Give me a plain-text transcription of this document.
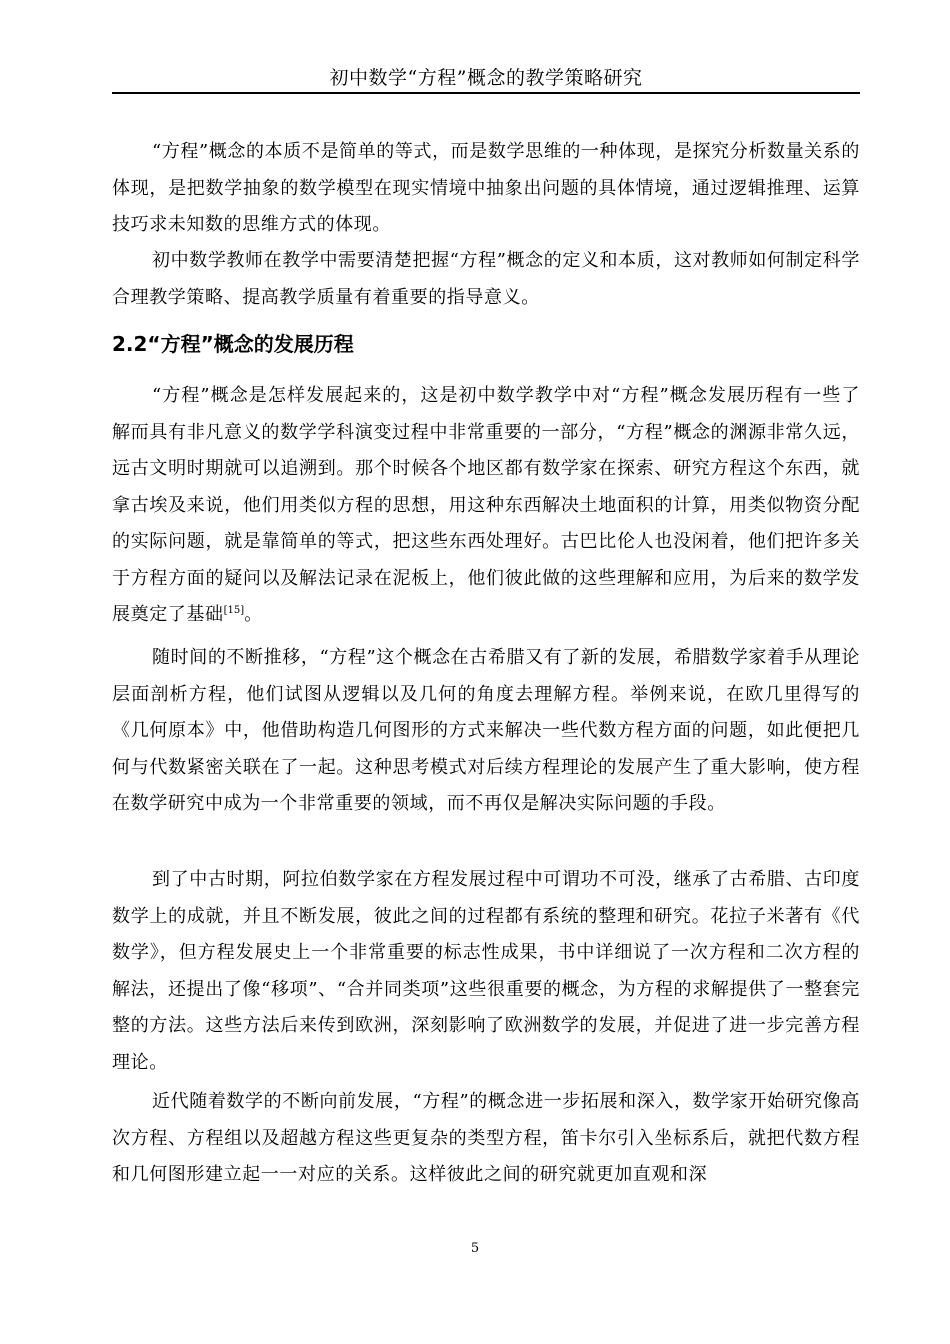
初中数学“方程”概念的教学策略研究

“方程”概念的本质不是简单的等式，而是数学思维的一种体现，是探究分析数量关系的体现，是把数学抽象的数学模型在现实情境中抽象出问题的具体情境，通过逻辑推理、运算技巧求未知数的思维方式的体现。

初中数学教师在教学中需要清楚把握“方程”概念的定义和本质，这对教师如何制定科学合理教学策略、提高教学质量有着重要的指导意义。

2.2“方程”概念的发展历程

“方程”概念是怎样发展起来的，这是初中数学教学中对“方程”概念发展历程有一些了解而具有非凡意义的数学学科演变过程中非常重要的一部分，“方程”概念的渊源非常久远，远古文明时期就可以追溯到。那个时候各个地区都有数学家在探索、研究方程这个东西，就拿古埃及来说，他们用类似方程的思想，用这种东西解决土地面积的计算，用类似物资分配的实际问题，就是靠简单的等式，把这些东西处理好。古巴比伦人也没闲着，他们把许多关于方程方面的疑问以及解法记录在泥板上，他们彼此做的这些理解和应用，为后来的数学发展奠定了基础[15]。

随时间的不断推移，“方程”这个概念在古希腊又有了新的发展，希腊数学家着手从理论层面剖析方程，他们试图从逻辑以及几何的角度去理解方程。举例来说，在欧几里得写的《几何原本》中，他借助构造几何图形的方式来解决一些代数方程方面的问题，如此便把几何与代数紧密关联在了一起。这种思考模式对后续方程理论的发展产生了重大影响，使方程在数学研究中成为一个非常重要的领域，而不再仅是解决实际问题的手段。

到了中古时期，阿拉伯数学家在方程发展过程中可谓功不可没，继承了古希腊、古印度数学上的成就，并且不断发展，彼此之间的过程都有系统的整理和研究。花拉子米著有《代数学》，但方程发展史上一个非常重要的标志性成果，书中详细说了一次方程和二次方程的解法，还提出了像“移项”、“合并同类项”这些很重要的概念，为方程的求解提供了一整套完整的方法。这些方法后来传到欧洲，深刻影响了欧洲数学的发展，并促进了进一步完善方程理论。

近代随着数学的不断向前发展，“方程”的概念进一步拓展和深入，数学家开始研究像高次方程、方程组以及超越方程这些更复杂的类型方程，笛卡尔引入坐标系后，就把代数方程和几何图形建立起一一对应的关系。这样彼此之间的研究就更加直观和深

5
